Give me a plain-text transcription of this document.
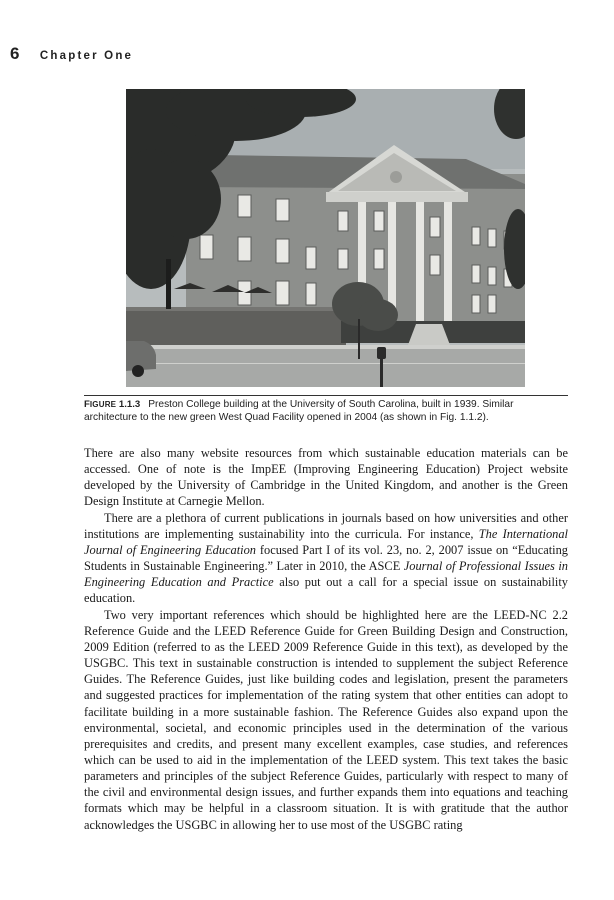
6 Chapter One
FIGURE 1.1.3 Preston College building at the University of South Carolina, built in 1939. Similar architecture to the new green West Quad Facility opened in 2004 (as shown in Fig. 1.1.2).

There are also many website resources from which sustainable education materials can be accessed. One of note is the ImpEE (Improving Engineering Education) Project website developed by the University of Cambridge in the United Kingdom, and another is the Green Design Institute at Carnegie Mellon.

There are a plethora of current publications in journals based on how universities and other institutions are implementing sustainability into the curricula. For instance, The International Journal of Engineering Education focused Part I of its vol. 23, no. 2, 2007 issue on “Educating Students in Sustainable Engineering.” Later in 2010, the ASCE Journal of Professional Issues in Engineering Education and Practice also put out a call for a special issue on sustainability education.

Two very important references which should be highlighted here are the LEED-NC 2.2 Reference Guide and the LEED Reference Guide for Green Building Design and Construction, 2009 Edition (referred to as the LEED 2009 Reference Guide in this text), as developed by the USGBC. This text in sustainable construction is intended to supplement the subject Reference Guides. The Reference Guides, just like building codes and legislation, present the parameters and suggested practices for implementation of the rating system that other entities can adopt to facilitate building in a more sustainable fashion. The Reference Guides also expand upon the environmental, societal, and economic principles used in the determination of the various prerequisites and credits, and present many excellent examples, case studies, and references which can be used to aid in the implementation of the LEED system. This text takes the basic parameters and principles of the subject Reference Guides, particularly with respect to many of the civil and environmental design issues, and further expands them into equations and teaching formats which may be helpful in a classroom situation. It is with gratitude that the author acknowledges the USGBC in allowing her to use most of the USGBC rating
